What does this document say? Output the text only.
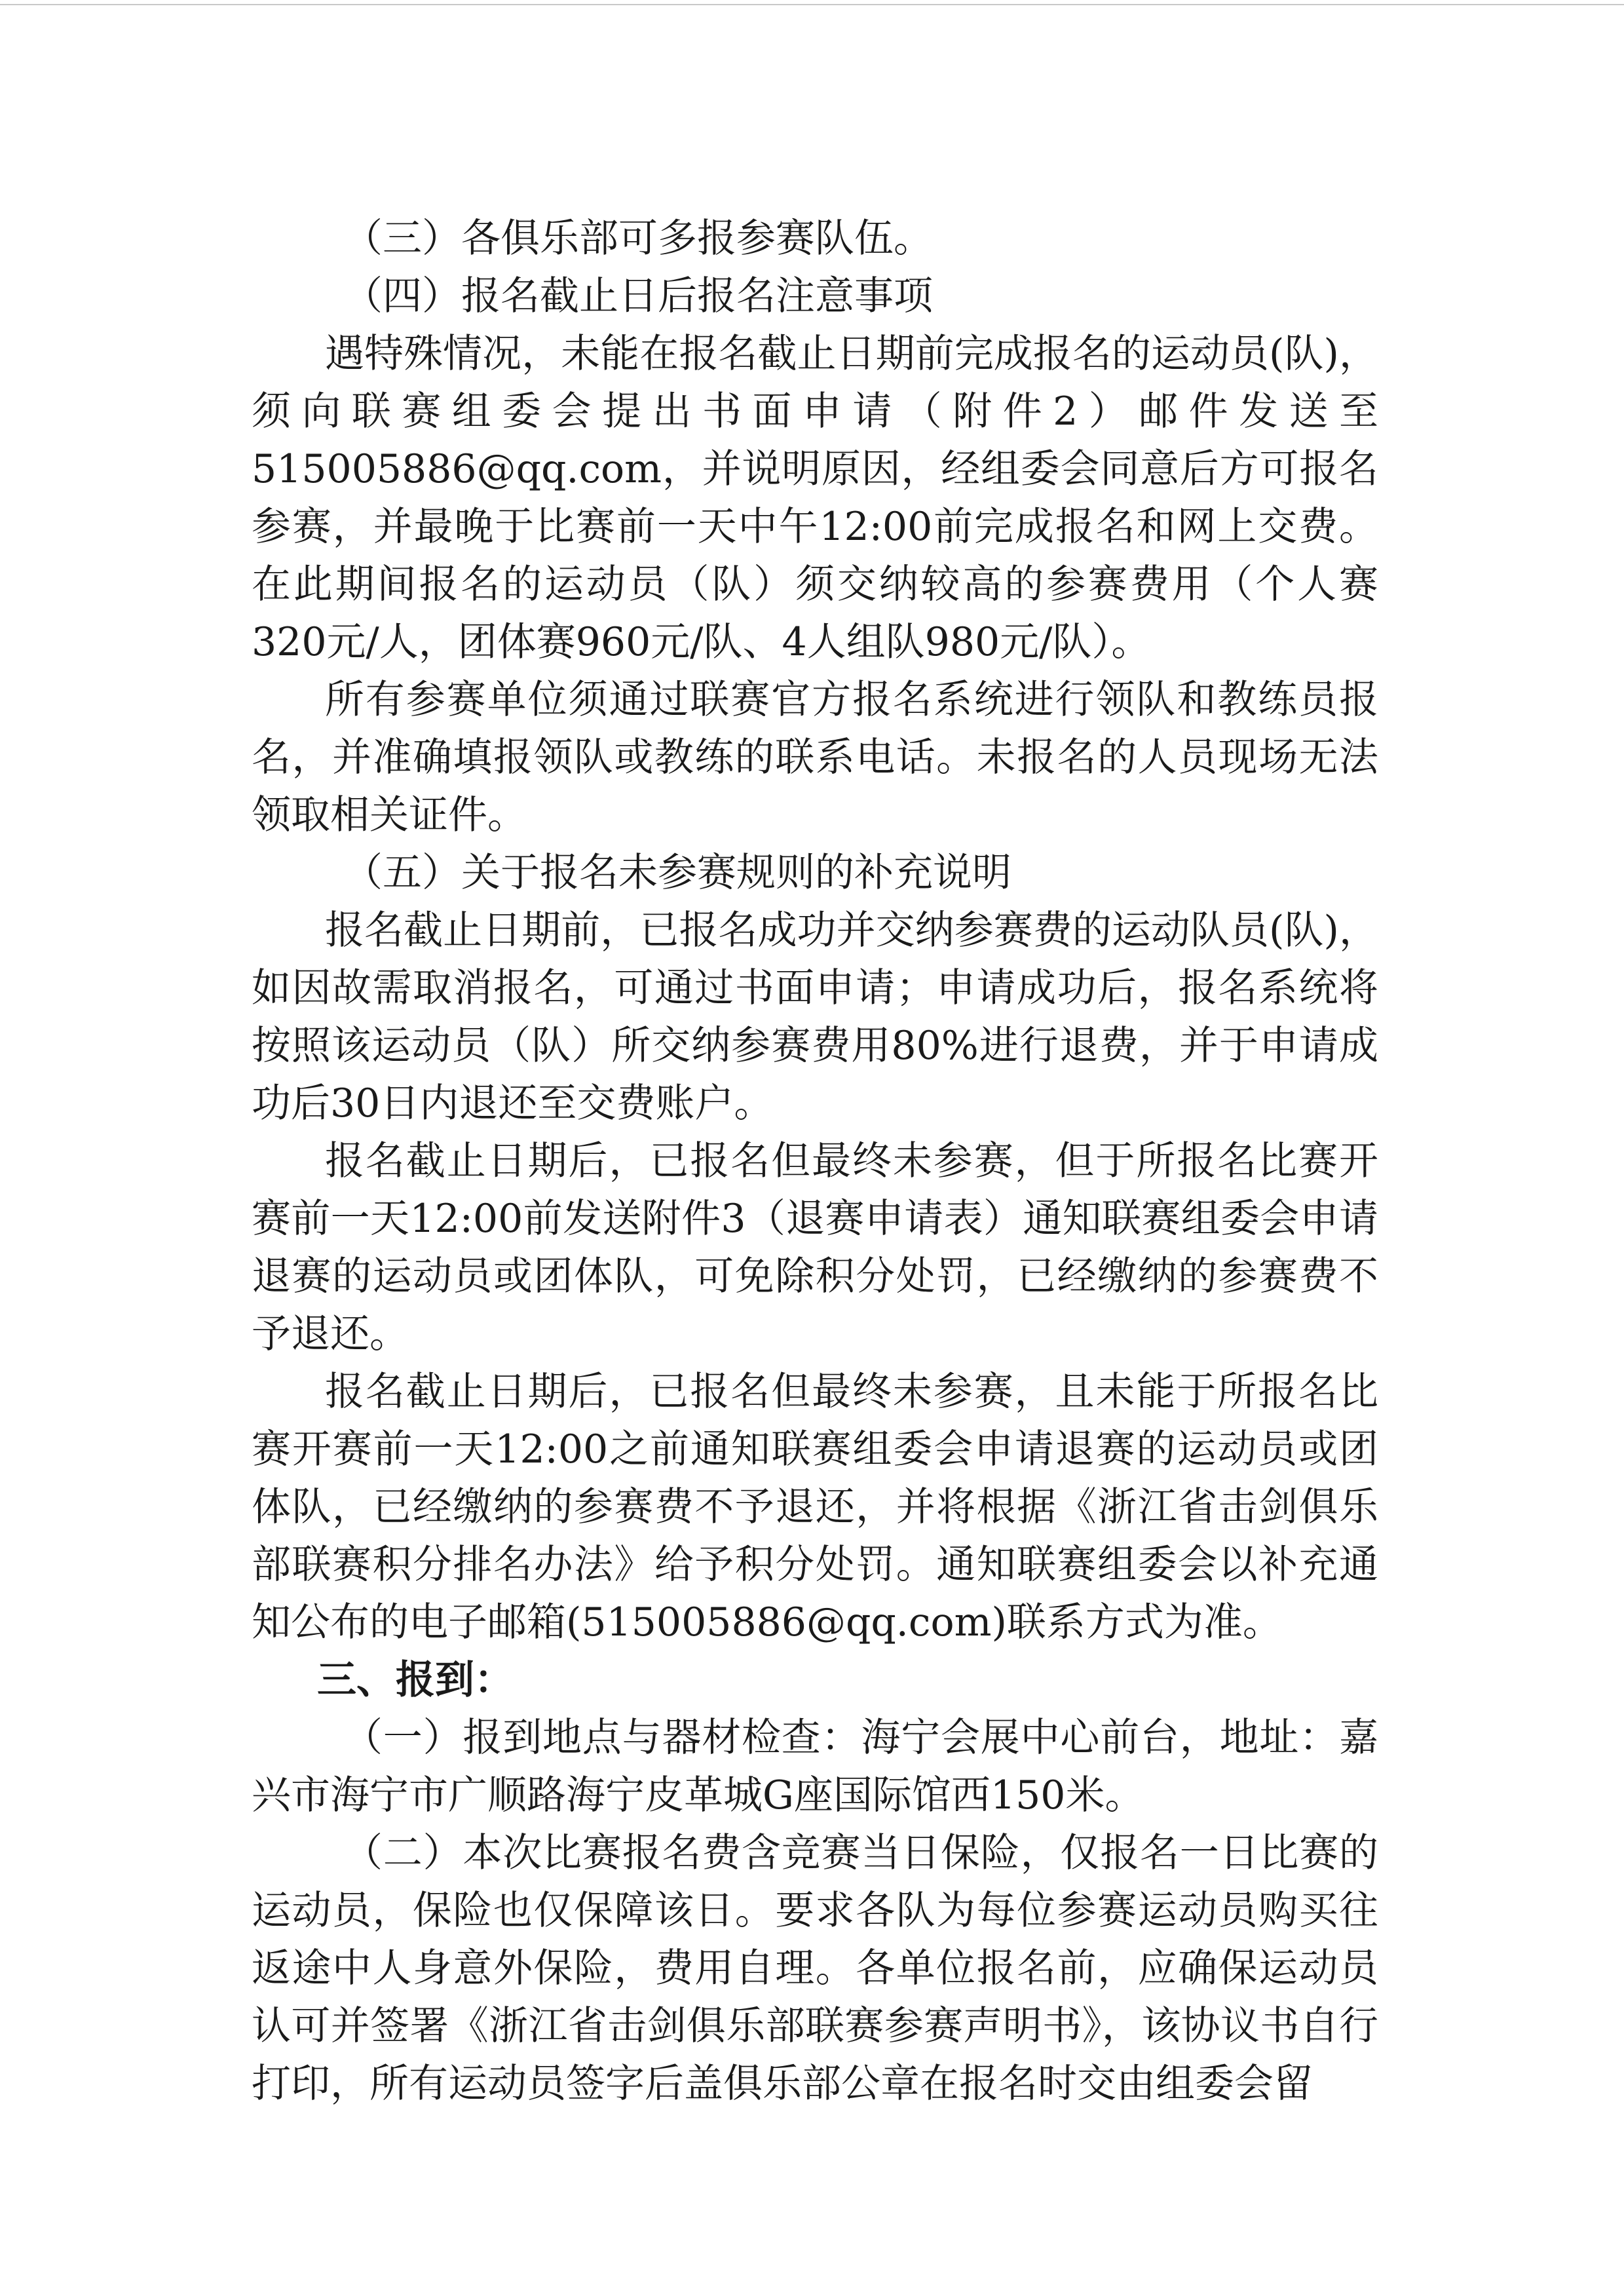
（三）各俱乐部可多报参赛队伍。

（四）报名截止日后报名注意事项

遇特殊情况，未能在报名截止日期前完成报名的运动员(队)，须向联赛组委会提出书面申请（附件2）邮件发送至515005886@qq.com，并说明原因，经组委会同意后方可报名参赛，并最晚于比赛前一天中午12:00前完成报名和网上交费。在此期间报名的运动员（队）须交纳较高的参赛费用（个人赛320元/人，团体赛960元/队、4人组队980元/队）。

所有参赛单位须通过联赛官方报名系统进行领队和教练员报名，并准确填报领队或教练的联系电话。未报名的人员现场无法领取相关证件。

（五）关于报名未参赛规则的补充说明

报名截止日期前，已报名成功并交纳参赛费的运动队员(队)，如因故需取消报名，可通过书面申请；申请成功后，报名系统将按照该运动员（队）所交纳参赛费用80%进行退费，并于申请成功后30日内退还至交费账户。

报名截止日期后，已报名但最终未参赛，但于所报名比赛开赛前一天12:00前发送附件3（退赛申请表）通知联赛组委会申请退赛的运动员或团体队，可免除积分处罚，已经缴纳的参赛费不予退还。

报名截止日期后，已报名但最终未参赛，且未能于所报名比赛开赛前一天12:00之前通知联赛组委会申请退赛的运动员或团体队，已经缴纳的参赛费不予退还，并将根据《浙江省击剑俱乐部联赛积分排名办法》给予积分处罚。通知联赛组委会以补充通知公布的电子邮箱(515005886@qq.com)联系方式为准。

三、报到：

（一）报到地点与器材检查：海宁会展中心前台，地址：嘉兴市海宁市广顺路海宁皮革城G座国际馆西150米。

（二）本次比赛报名费含竞赛当日保险，仅报名一日比赛的运动员，保险也仅保障该日。要求各队为每位参赛运动员购买往返途中人身意外保险，费用自理。各单位报名前，应确保运动员认可并签署《浙江省击剑俱乐部联赛参赛声明书》，该协议书自行打印，所有运动员签字后盖俱乐部公章在报名时交由组委会留
